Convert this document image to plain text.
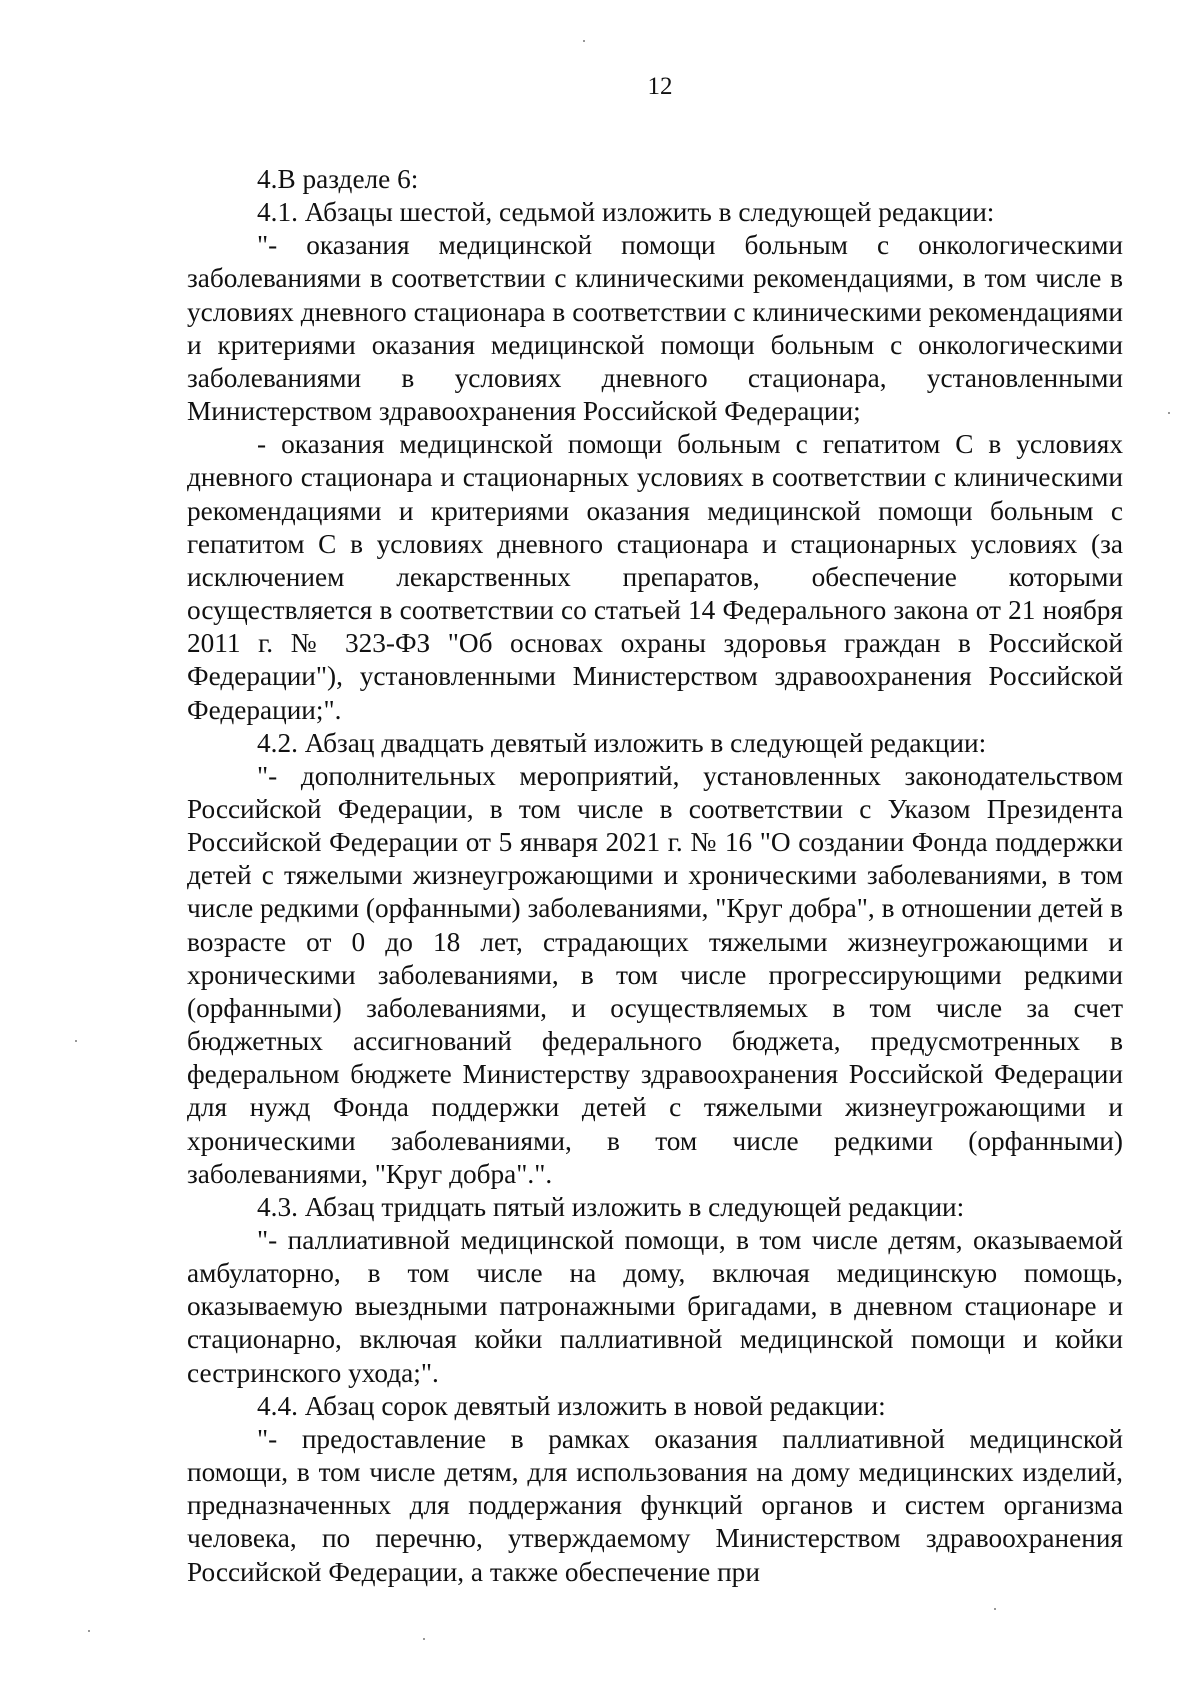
12

4.В разделе 6:

4.1. Абзацы шестой, седьмой изложить в следующей редакции:

"- оказания медицинской помощи больным с онкологическими заболеваниями в соответствии с клиническими рекомендациями, в том числе в условиях дневного стационара в соответствии с клиническими рекомендациями и критериями оказания медицинской помощи больным с онкологическими заболеваниями в условиях дневного стационара, установленными Министерством здравоохранения Российской Федерации;

- оказания медицинской помощи больным с гепатитом С в условиях дневного стационара и стационарных условиях в соответствии с клиническими рекомендациями и критериями оказания медицинской помощи больным с гепатитом С в условиях дневного стационара и стационарных условиях (за исключением лекарственных препаратов, обеспечение которыми осуществляется в соответствии со статьей 14 Федерального закона от 21 ноября 2011 г. № 323-ФЗ "Об основах охраны здоровья граждан в Российской Федерации"), установленными Министерством здравоохранения Российской Федерации;".

4.2. Абзац двадцать девятый изложить в следующей редакции:

"- дополнительных мероприятий, установленных законодательством Российской Федерации, в том числе в соответствии с Указом Президента Российской Федерации от 5 января 2021 г. № 16 "О создании Фонда поддержки детей с тяжелыми жизнеугрожающими и хроническими заболеваниями, в том числе редкими (орфанными) заболеваниями, "Круг добра", в отношении детей в возрасте от 0 до 18 лет, страдающих тяжелыми жизнеугрожающими и хроническими заболеваниями, в том числе прогрессирующими редкими (орфанными) заболеваниями, и осуществляемых в том числе за счет бюджетных ассигнований федерального бюджета, предусмотренных в федеральном бюджете Министерству здравоохранения Российской Федерации для нужд Фонда поддержки детей с тяжелыми жизнеугрожающими и хроническими заболеваниями, в том числе редкими (орфанными) заболеваниями, "Круг добра".".

4.3. Абзац тридцать пятый изложить в следующей редакции:

"- паллиативной медицинской помощи, в том числе детям, оказываемой амбулаторно, в том числе на дому, включая медицинскую помощь, оказываемую выездными патронажными бригадами, в дневном стационаре и стационарно, включая койки паллиативной медицинской помощи и койки сестринского ухода;".

4.4. Абзац сорок девятый изложить в новой редакции:

"- предоставление в рамках оказания паллиативной медицинской помощи, в том числе детям, для использования на дому медицинских изделий, предназначенных для поддержания функций органов и систем организма человека, по перечню, утверждаемому Министерством здравоохранения Российской Федерации, а также обеспечение при
